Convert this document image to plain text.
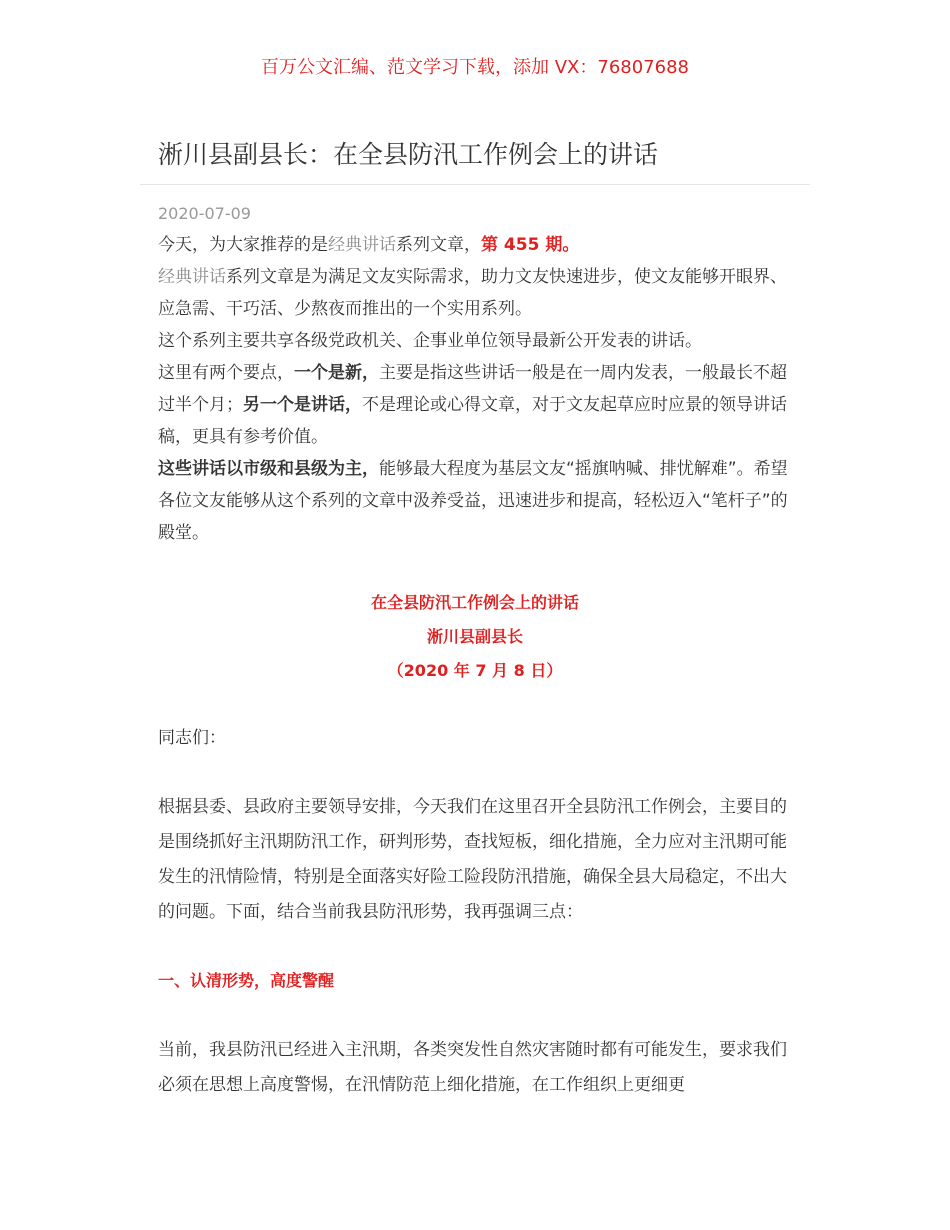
百万公文汇编、范文学习下载，添加 VX：76807688
淅川县副县长：在全县防汛工作例会上的讲话
2020-07-09

今天，为大家推荐的是经典讲话系列文章，第 455 期。

经典讲话系列文章是为满足文友实际需求，助力文友快速进步，使文友能够开眼界、应急需、干巧活、少熬夜而推出的一个实用系列。

这个系列主要共享各级党政机关、企事业单位领导最新公开发表的讲话。

这里有两个要点，一个是新，主要是指这些讲话一般是在一周内发表，一般最长不超过半个月；另一个是讲话，不是理论或心得文章，对于文友起草应时应景的领导讲话稿，更具有参考价值。

这些讲话以市级和县级为主，能够最大程度为基层文友“摇旗呐喊、排忧解难”。希望各位文友能够从这个系列的文章中汲养受益，迅速进步和提高，轻松迈入“笔杆子”的殿堂。

在全县防汛工作例会上的讲话
淅川县副县长
（2020 年 7 月 8 日）
同志们：

根据县委、县政府主要领导安排，今天我们在这里召开全县防汛工作例会，主要目的是围绕抓好主汛期防汛工作，研判形势，查找短板，细化措施，全力应对主汛期可能发生的汛情险情，特别是全面落实好险工险段防汛措施，确保全县大局稳定，不出大的问题。下面，结合当前我县防汛形势，我再强调三点：

一、认清形势，高度警醒

当前，我县防汛已经进入主汛期，各类突发性自然灾害随时都有可能发生，要求我们必须在思想上高度警惕，在汛情防范上细化措施，在工作组织上更细更
